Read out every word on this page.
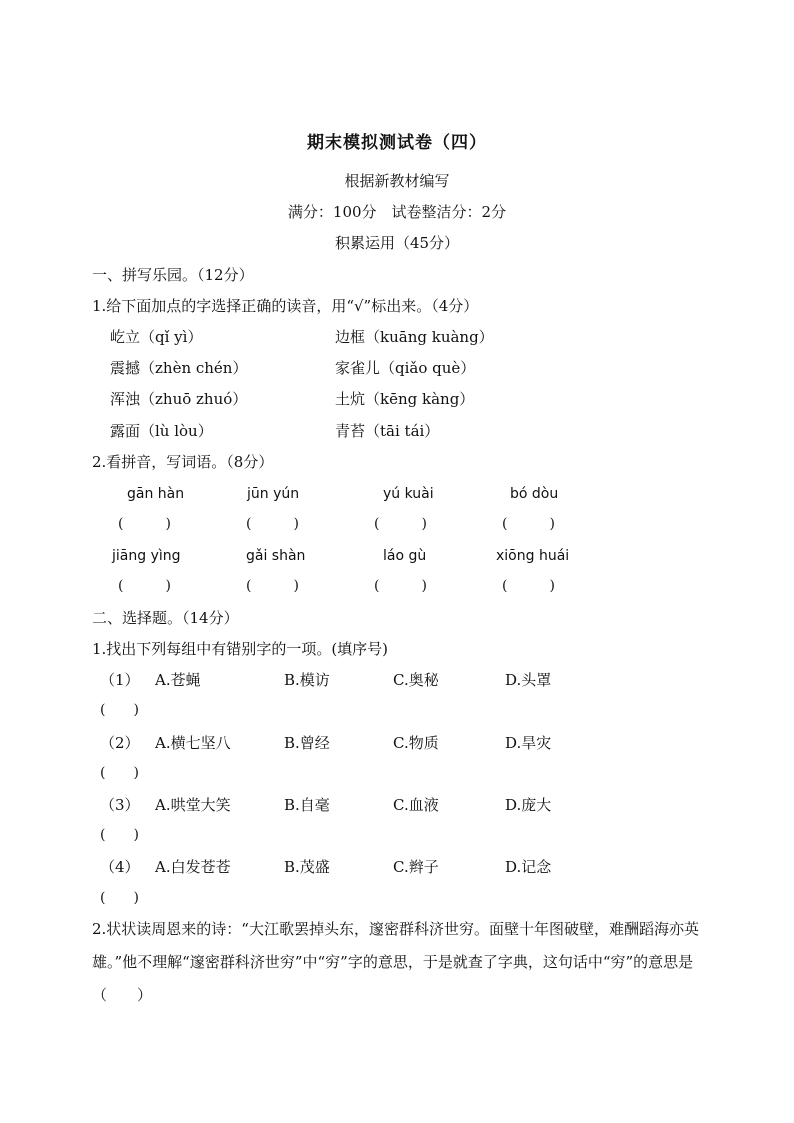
期末模拟测试卷（四）
根据新教材编写
满分：100分　试卷整洁分：2分
积累运用（45分）
一、拼写乐园。（12分）
1.给下面加点的字选择正确的读音，用“√”标出来。（4分）
屹立（qǐ yì）	边框（kuāng kuàng）
震撼（zhèn chén）	家雀儿（qiǎo què）
浑浊（zhuō zhuó）	土炕（kēng kàng）
露面（lù lòu）	青苔（tāi tái）
2.看拼音，写词语。（8分）
gān hàn	jūn yún	yú kuài	bó dòu
(　　　)	(　　　)	(　　　)	(　　　)
jiāng yìng	gǎi shàn	láo gù	xiōng huái
(　　　)	(　　　)	(　　　)	(　　　)
二、选择题。（14分）
1.找出下列每组中有错别字的一项。(填序号)
（1） A.苍蝇	B.模访	C.奥秘	D.头罩
(　　)
（2） A.横七坚八	B.曾经	C.物质	D.旱灾
(　　)
（3） A.哄堂大笑	B.自毫	C.血液	D.庞大
(　　)
（4） A.白发苍苍	B.茂盛	C.辫子	D.记念
(　　)
2.状状读周恩来的诗：“大江歌罢掉头东，邃密群科济世穷。面壁十年图破壁，难酬蹈海亦英雄。”他不理解“邃密群科济世穷”中“穷”字的意思，于是就查了字典，这句话中“穷”的意思是（　　）
